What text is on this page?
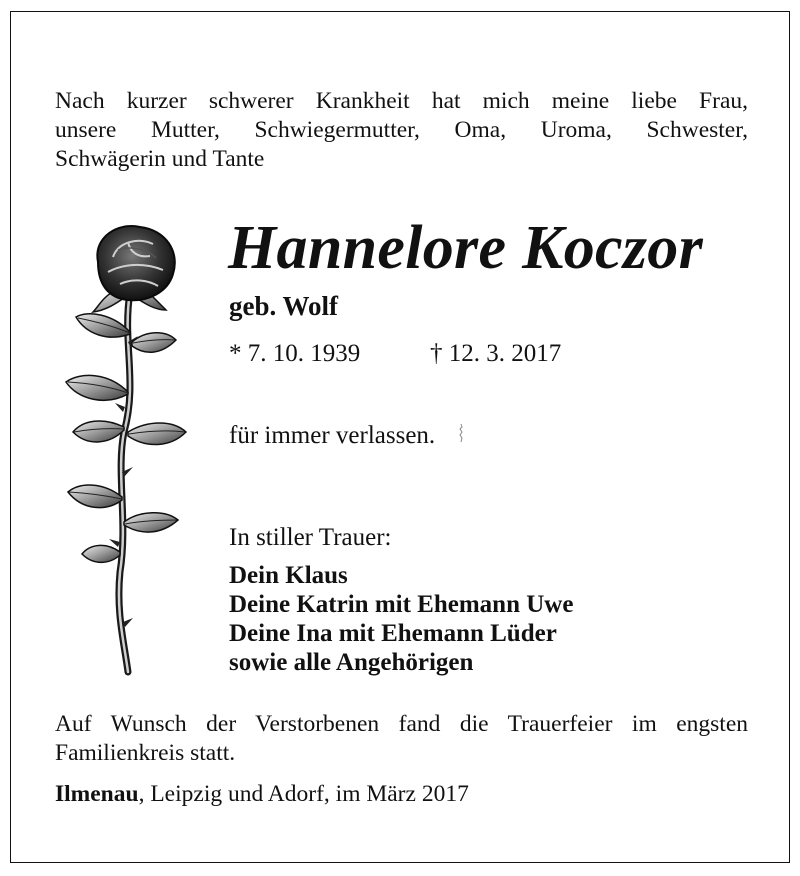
Nach kurzer schwerer Krankheit hat mich meine liebe Frau,
unsere Mutter, Schwiegermutter, Oma, Uroma, Schwester,
Schwägerin und Tante
Hannelore Koczor
geb. Wolf
* 7. 10. 1939	† 12. 3. 2017
für immer verlassen.
In stiller Trauer:
Dein Klaus
Deine Katrin mit Ehemann Uwe
Deine Ina mit Ehemann Lüder
sowie alle Angehörigen
Auf Wunsch der Verstorbenen fand die Trauerfeier im engsten
Familienkreis statt.
Ilmenau, Leipzig und Adorf, im März 2017
